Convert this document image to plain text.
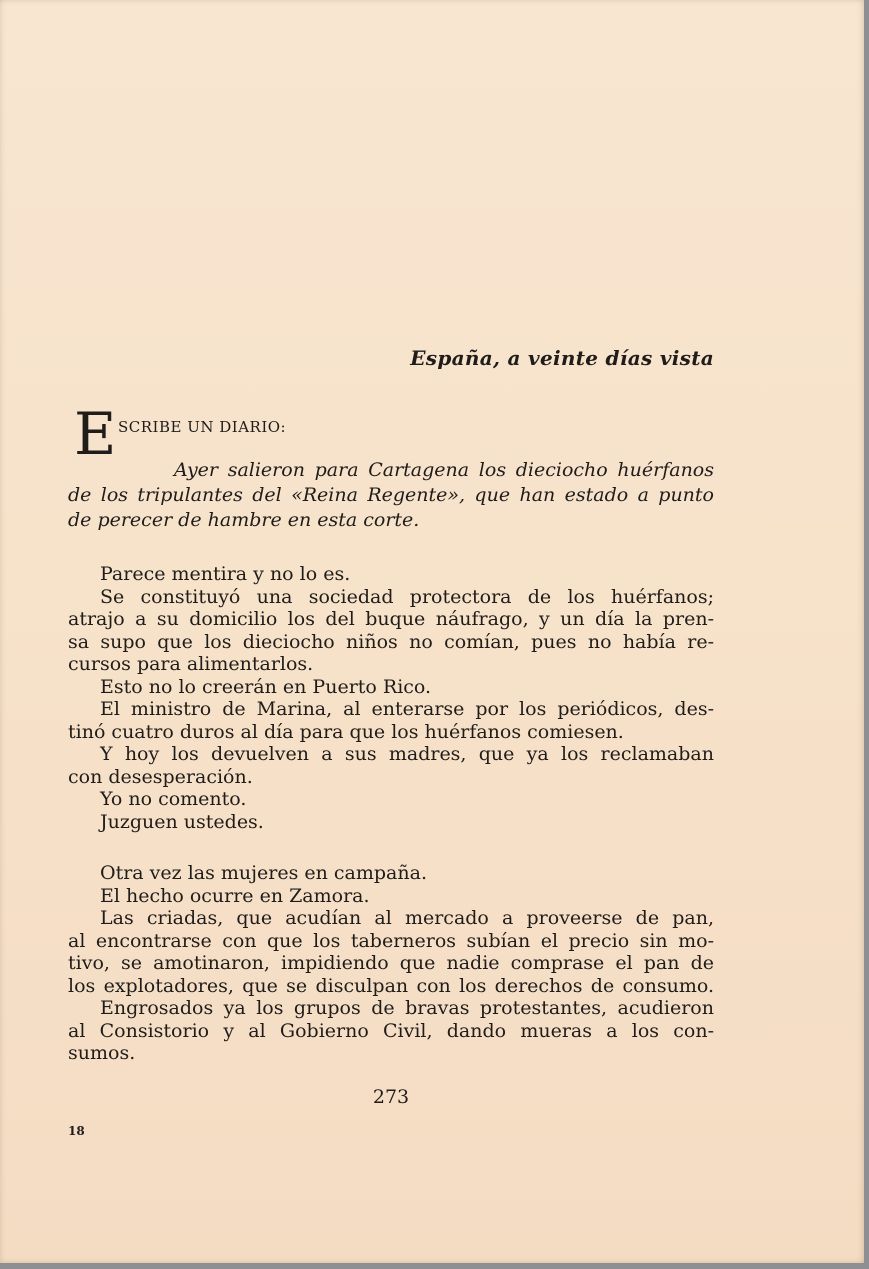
España, a veinte días vista
E SCRIBE UN DIARIO:
Ayer salieron para Cartagena los dieciocho huérfanos
de los tripulantes del «Reina Regente», que han estado a punto
de perecer de hambre en esta corte.
Parece mentira y no lo es.
Se constituyó una sociedad protectora de los huérfanos;
atrajo a su domicilio los del buque náufrago, y un día la pren-
sa supo que los dieciocho niños no comían, pues no había re-
cursos para alimentarlos.
Esto no lo creerán en Puerto Rico.
El ministro de Marina, al enterarse por los periódicos, des-
tinó cuatro duros al día para que los huérfanos comiesen.
Y hoy los devuelven a sus madres, que ya los reclamaban
con desesperación.
Yo no comento.
Juzguen ustedes.
Otra vez las mujeres en campaña.
El hecho ocurre en Zamora.
Las criadas, que acudían al mercado a proveerse de pan,
al encontrarse con que los taberneros subían el precio sin mo-
tivo, se amotinaron, impidiendo que nadie comprase el pan de
los explotadores, que se disculpan con los derechos de consumo.
Engrosados ya los grupos de bravas protestantes, acudieron
al Consistorio y al Gobierno Civil, dando mueras a los con-
sumos.
273
18
